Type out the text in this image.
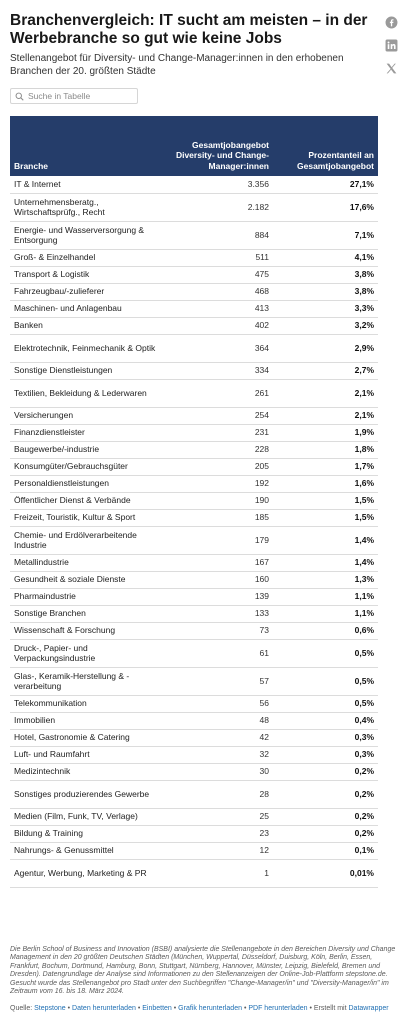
Branchenvergleich: IT sucht am meisten – in der Werbebranche so gut wie keine Jobs

Stellenangebot für Diversity- und Change-Manager:innen in den erhobenen Branchen der 20. größten Städte

Suche in Tabelle
Branche	Gesamtjobangebot Diversity- und Change-Manager:innen	Prozentanteil an Gesamtjobangebot
IT & Internet	3.356	27,1%
Unternehmensberatg., Wirtschaftsprüfg., Recht	2.182	17,6%
Energie- und Wasserversorgung & Entsorgung	884	7,1%
Groß- & Einzelhandel	511	4,1%
Transport & Logistik	475	3,8%
Fahrzeugbau/-zulieferer	468	3,8%
Maschinen- und Anlagenbau	413	3,3%
Banken	402	3,2%
Elektrotechnik, Feinmechanik & Optik	364	2,9%
Sonstige Dienstleistungen	334	2,7%
Textilien, Bekleidung & Lederwaren	261	2,1%
Versicherungen	254	2,1%
Finanzdienstleister	231	1,9%
Baugewerbe/-industrie	228	1,8%
Konsumgüter/Gebrauchsgüter	205	1,7%
Personaldienstleistungen	192	1,6%
Öffentlicher Dienst & Verbände	190	1,5%
Freizeit, Touristik, Kultur & Sport	185	1,5%
Chemie- und Erdölverarbeitende Industrie	179	1,4%
Metallindustrie	167	1,4%
Gesundheit & soziale Dienste	160	1,3%
Pharmaindustrie	139	1,1%
Sonstige Branchen	133	1,1%
Wissenschaft & Forschung	73	0,6%
Druck-, Papier- und Verpackungsindustrie	61	0,5%
Glas-, Keramik-Herstellung & -verarbeitung	57	0,5%
Telekommunikation	56	0,5%
Immobilien	48	0,4%
Hotel, Gastronomie & Catering	42	0,3%
Luft- und Raumfahrt	32	0,3%
Medizintechnik	30	0,2%
Sonstiges produzierendes Gewerbe	28	0,2%
Medien (Film, Funk, TV, Verlage)	25	0,2%
Bildung & Training	23	0,2%
Nahrungs- & Genussmittel	12	0,1%
Agentur, Werbung, Marketing & PR	1	0,01%
Die Berlin School of Business and Innovation (BSBI) analysierte die Stellenangebote in den Bereichen Diversity und Change Management in den 20 größten Deutschen Städten (München, Wuppertal, Düsseldorf, Duisburg, Köln, Berlin, Essen, Frankfurt, Bochum, Dortmund, Hamburg, Bonn, Stuttgart, Nürnberg, Hannover, Münster, Leipzig, Bielefeld, Bremen und Dresden). Datengrundlage der Analyse sind Informationen zu den Stellenanzeigen der Online-Job-Plattform stepstone.de. Gesucht wurde das Stellenangebot pro Stadt unter den Suchbegriffen "Change-Manager/in" und "Diversity-Manager/in" im Zeitraum vom 16. bis 18. März 2024.
Quelle: Stepstone • Daten herunterladen • Einbetten • Grafik herunterladen • PDF herunterladen • Erstellt mit Datawrapper
